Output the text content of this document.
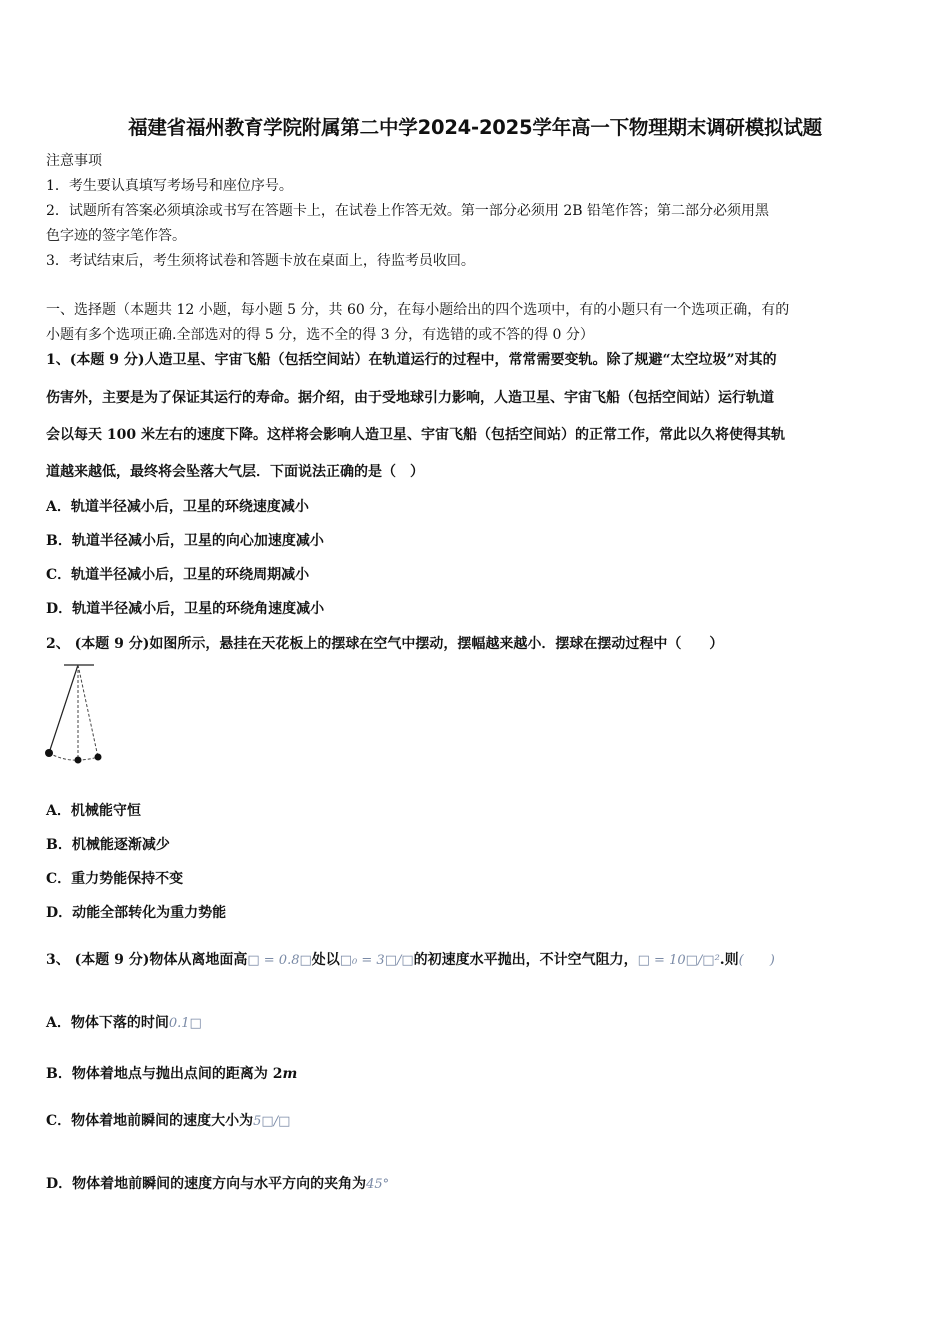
福建省福州教育学院附属第二中学2024-2025学年高一下物理期末调研模拟试题
注意事项
1．考生要认真填写考场号和座位序号。
2．试题所有答案必须填涂或书写在答题卡上，在试卷上作答无效。第一部分必须用 2B 铅笔作答；第二部分必须用黑
色字迹的签字笔作答。
3．考试结束后，考生须将试卷和答题卡放在桌面上，待监考员收回。
一、选择题（本题共 12 小题，每小题 5 分，共 60 分，在每小题给出的四个选项中，有的小题只有一个选项正确，有的
小题有多个选项正确.全部选对的得 5 分，选不全的得 3 分，有选错的或不答的得 0 分）
1、(本题 9 分)人造卫星、宇宙飞船（包括空间站）在轨道运行的过程中，常常需要变轨。除了规避“太空垃圾”对其的
伤害外，主要是为了保证其运行的寿命。据介绍，由于受地球引力影响，人造卫星、宇宙飞船（包括空间站）运行轨道
会以每天 100 米左右的速度下降。这样将会影响人造卫星、宇宙飞船（包括空间站）的正常工作，常此以久将使得其轨
道越来越低，最终将会坠落大气层．下面说法正确的是（　）
A．轨道半径减小后，卫星的环绕速度减小
B．轨道半径减小后，卫星的向心加速度减小
C．轨道半径减小后，卫星的环绕周期减小
D．轨道半径减小后，卫星的环绕角速度减小
2、 (本题 9 分)如图所示，悬挂在天花板上的摆球在空气中摆动，摆幅越来越小．摆球在摆动过程中（　　）
A．机械能守恒
B．机械能逐渐减少
C．重力势能保持不变
D．动能全部转化为重力势能
3、 (本题 9 分)物体从离地面高□ = 0.8□处以□₀ = 3□/□的初速度水平抛出，不计空气阻力，□ = 10□/□².则(　　)
A．物体下落的时间0.1□
B．物体着地点与抛出点间的距离为 2m
C．物体着地前瞬间的速度大小为5□/□
D．物体着地前瞬间的速度方向与水平方向的夹角为45°
